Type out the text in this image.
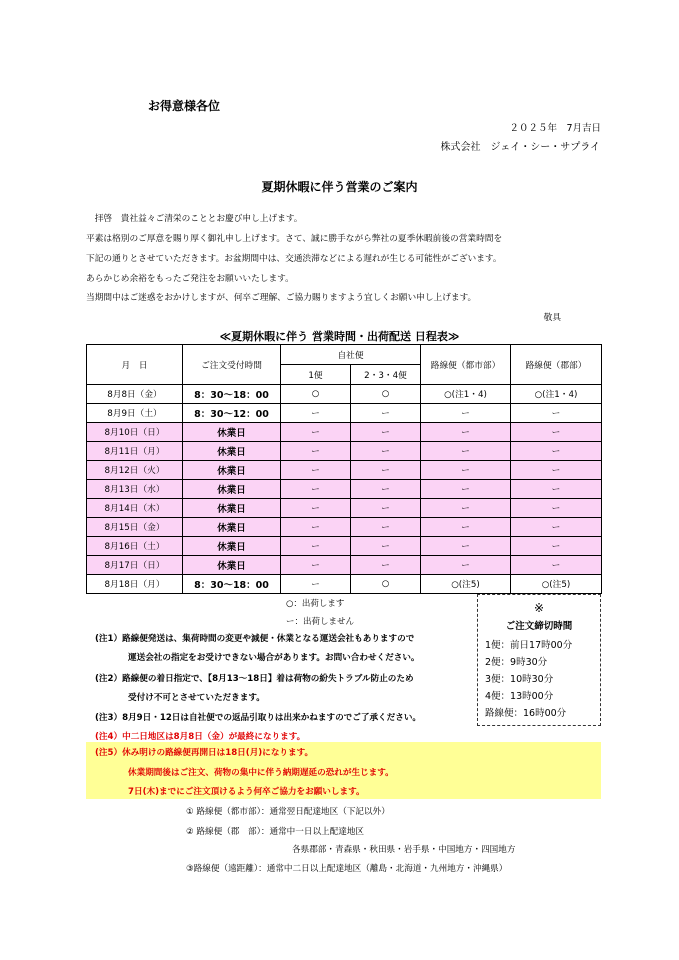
お得意様各位
２０２５年　7月吉日
株式会社　ジェイ・シー・サプライ
夏期休暇に伴う営業のご案内
　拝啓　貴社益々ご清栄のこととお慶び申し上げます。
平素は格別のご厚意を賜り厚く御礼申し上げます。さて、誠に勝手ながら弊社の夏季休暇前後の営業時間を
下記の通りとさせていただきます。お盆期間中は、交通渋滞などによる遅れが生じる可能性がございます。
あらかじめ余裕をもったご発注をお願いいたします。
当期間中はご迷惑をおかけしますが、何卒ご理解、ご協力賜りますよう宜しくお願い申し上げます。
敬具
≪夏期休暇に伴う 営業時間・出荷配送 日程表≫
月　日	ご注文受付時間	自社便		路線便（都市部）	路線便（郡部）
		1便	2・3・4便		
8月8日（金）	8：30～18：00	○	○	○(注1・4)	○(注1・4)
8月9日（土）	8：30～12：00	ー	ー	ー	ー
8月10日（日）	休業日	ー	ー	ー	ー
8月11日（月）	休業日	ー	ー	ー	ー
8月12日（火）	休業日	ー	ー	ー	ー
8月13日（水）	休業日	ー	ー	ー	ー
8月14日（木）	休業日	ー	ー	ー	ー
8月15日（金）	休業日	ー	ー	ー	ー
8月16日（土）	休業日	ー	ー	ー	ー
8月17日（日）	休業日	ー	ー	ー	ー
8月18日（月）	8：30～18：00	ー	○	○(注5)	○(注5)
○：出荷します
ー：出荷しません
※
ご注文締切時間
1便：前日17時00分
2便：9時30分
3便：10時30分
4便：13時00分
路線便：16時00分
(注1）路線便発送は、集荷時間の変更や減便・休業となる運送会社もありますので
運送会社の指定をお受けできない場合があります。お問い合わせください。
(注2）路線便の着日指定で、【8月13～18日】着は荷物の紛失トラブル防止のため
受付け不可とさせていただきます。
(注3）8月9日・12日は自社便での返品引取りは出来かねますのでご了承ください。
(注4）中二日地区は8月8日（金）が最終になります。
(注5）休み明けの路線便再開日は18日(月)になります。
休業期間後はご注文、荷物の集中に伴う納期遅延の恐れが生じます。
7日(木)までにご注文頂けるよう何卒ご協力をお願いします。
① 路線便（都市部）：通常翌日配達地区（下記以外）
② 路線便（郡　部）：通常中一日以上配達地区
各県郡部・青森県・秋田県・岩手県・中国地方・四国地方
③路線便（遠距離）：通常中二日以上配達地区（離島・北海道・九州地方・沖縄県）
